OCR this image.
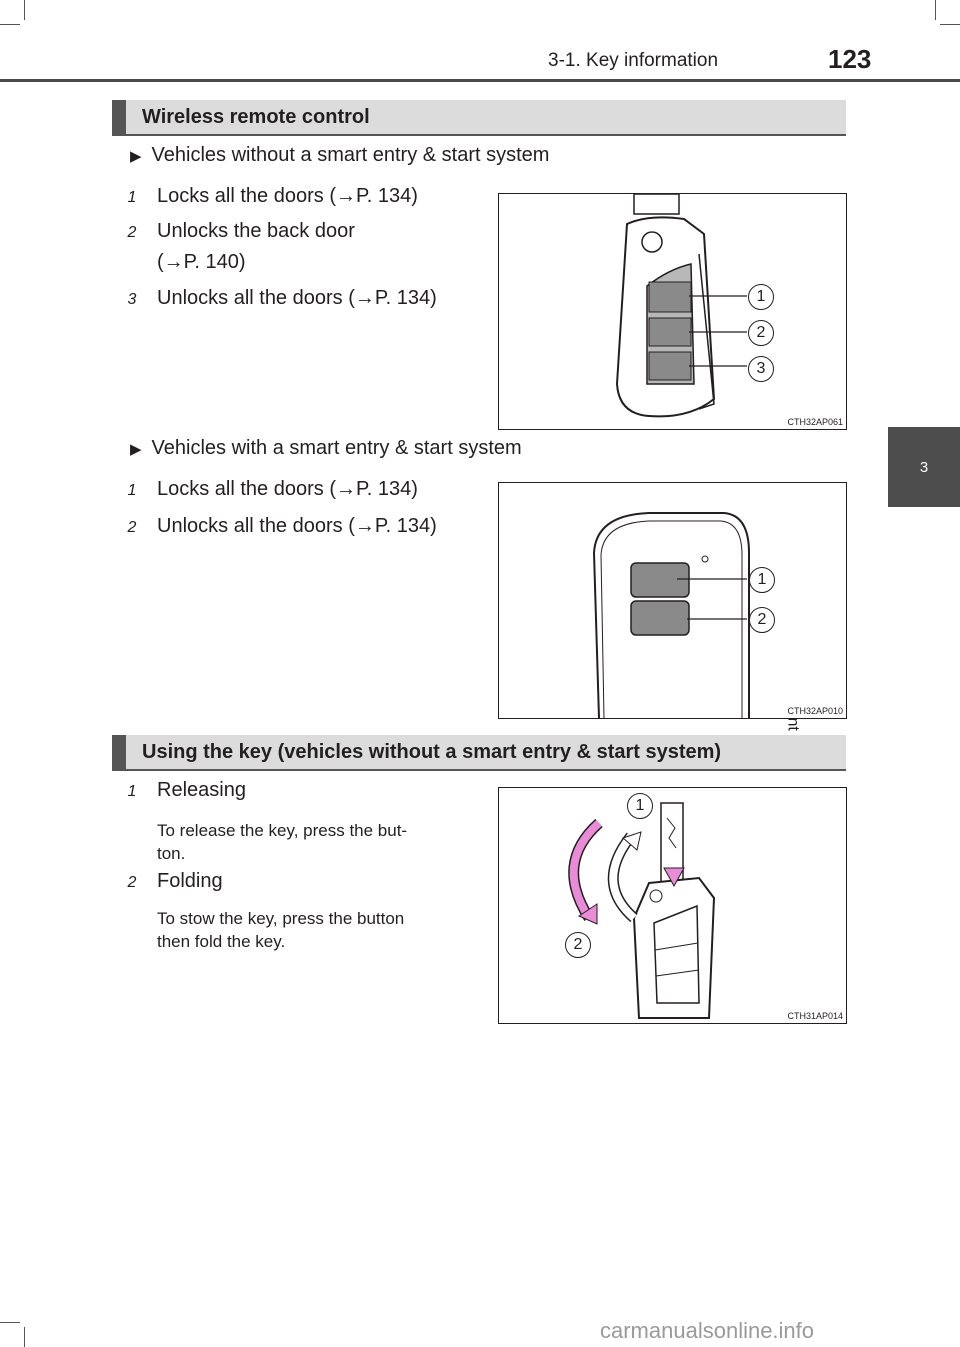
3-1. Key information	123
3
Wireless remote control
▶ Vehicles without a smart entry & start system
1 Locks all the doors (→P. 134)
2 Unlocks the back door
(→P. 140)
3 Unlocks all the doors (→P. 134)	1
2
3
CTH32AP061
▶ Vehicles with a smart entry & start system
1 Locks all the doors (→P. 134)
2 Unlocks all the doors (→P. 134)
1
2
CTH32AP010
Using the key (vehicles without a smart entry & start system)
1 Releasing
To release the key, press the but-
ton.
2 Folding
To stow the key, press the button
then fold the key.
1
2
CTH31AP014
carmanualsonline.info
